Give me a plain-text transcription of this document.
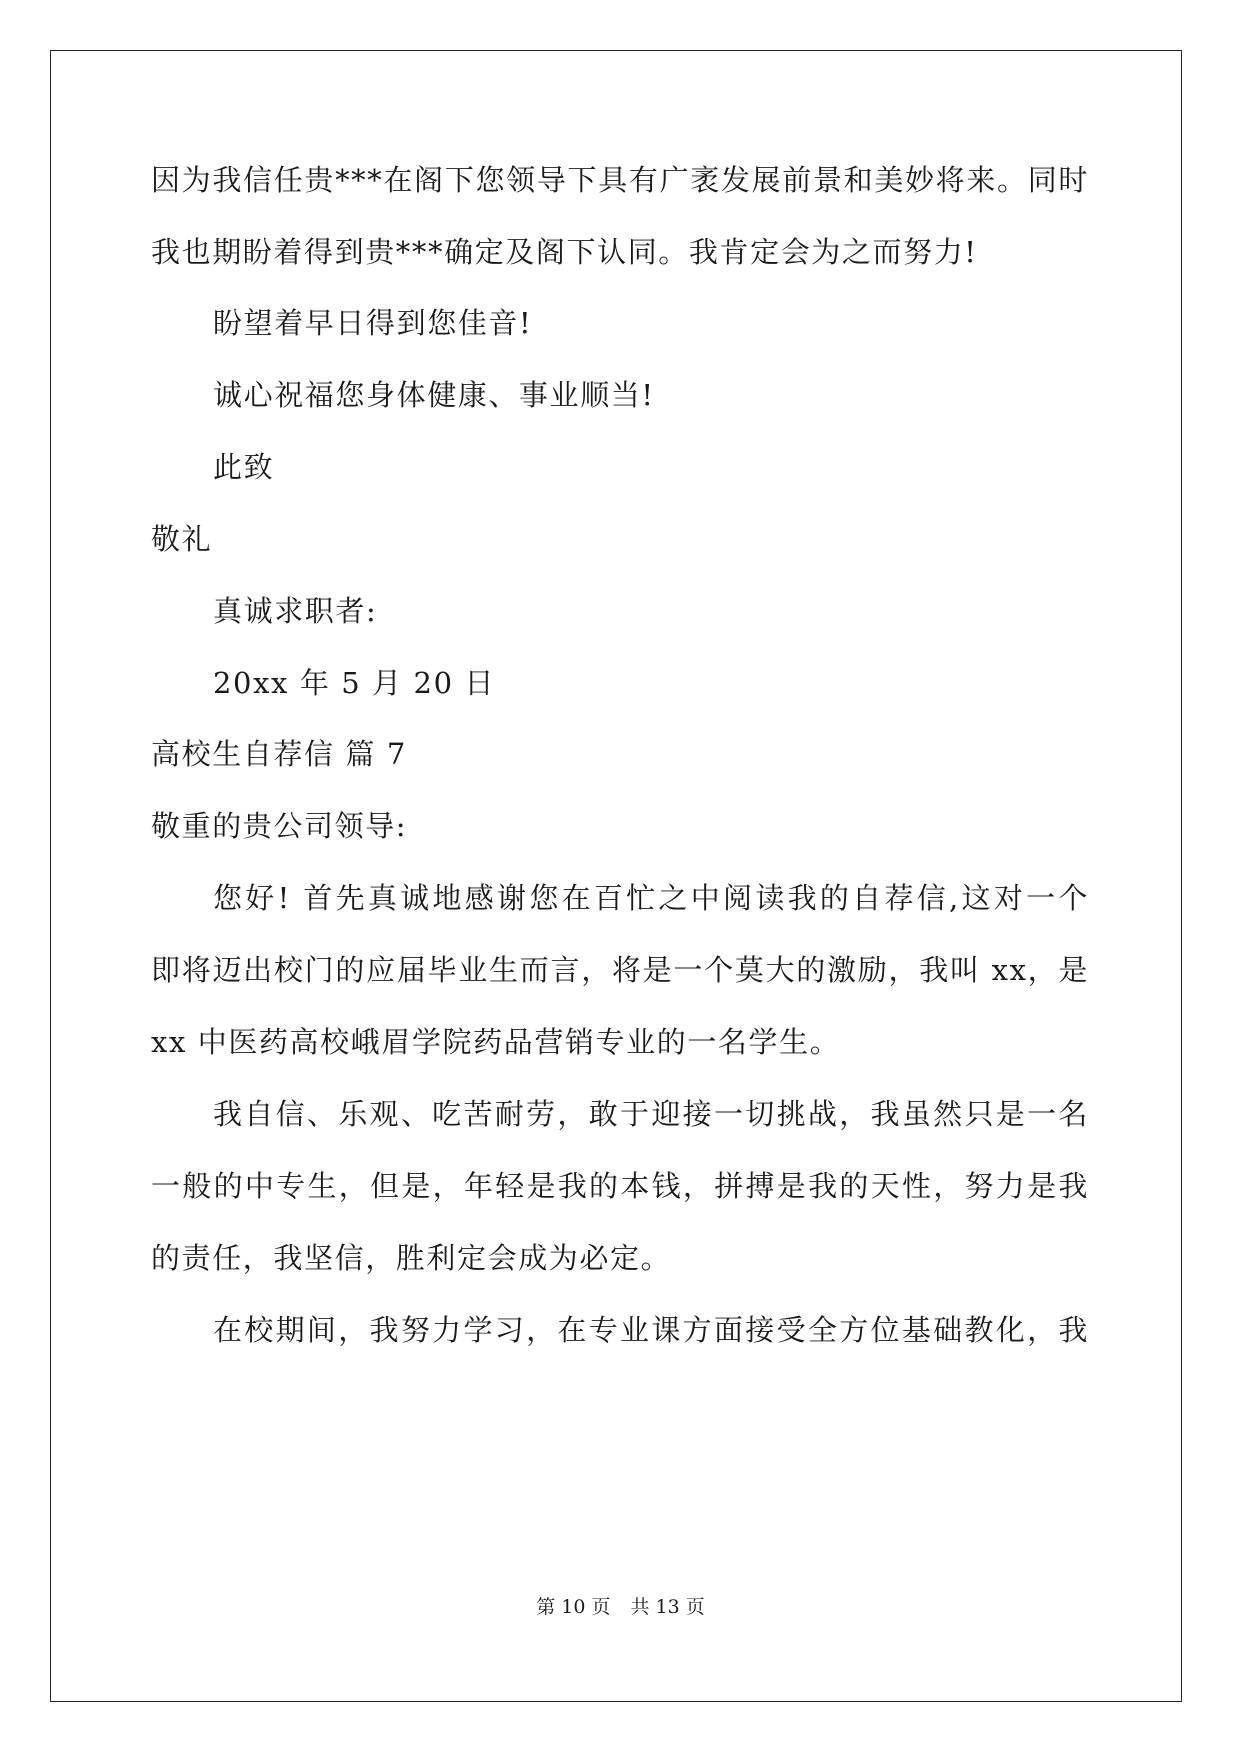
因为我信任贵***在阁下您领导下具有广袤发展前景和美妙将来。同时
我也期盼着得到贵***确定及阁下认同。我肯定会为之而努力!
盼望着早日得到您佳音!
诚心祝福您身体健康、事业顺当!
此致
敬礼
真诚求职者:
20xx 年 5 月 20 日
高校生自荐信 篇 7
敬重的贵公司领导:
您好! 首先真诚地感谢您在百忙之中阅读我的自荐信,这对一个
即将迈出校门的应届毕业生而言，将是一个莫大的激励，我叫 xx，是
xx 中医药高校峨眉学院药品营销专业的一名学生。
我自信、乐观、吃苦耐劳，敢于迎接一切挑战，我虽然只是一名
一般的中专生，但是，年轻是我的本钱，拼搏是我的天性，努力是我
的责任，我坚信，胜利定会成为必定。
在校期间，我努力学习，在专业课方面接受全方位基础教化，我
第 10 页 共 13 页
